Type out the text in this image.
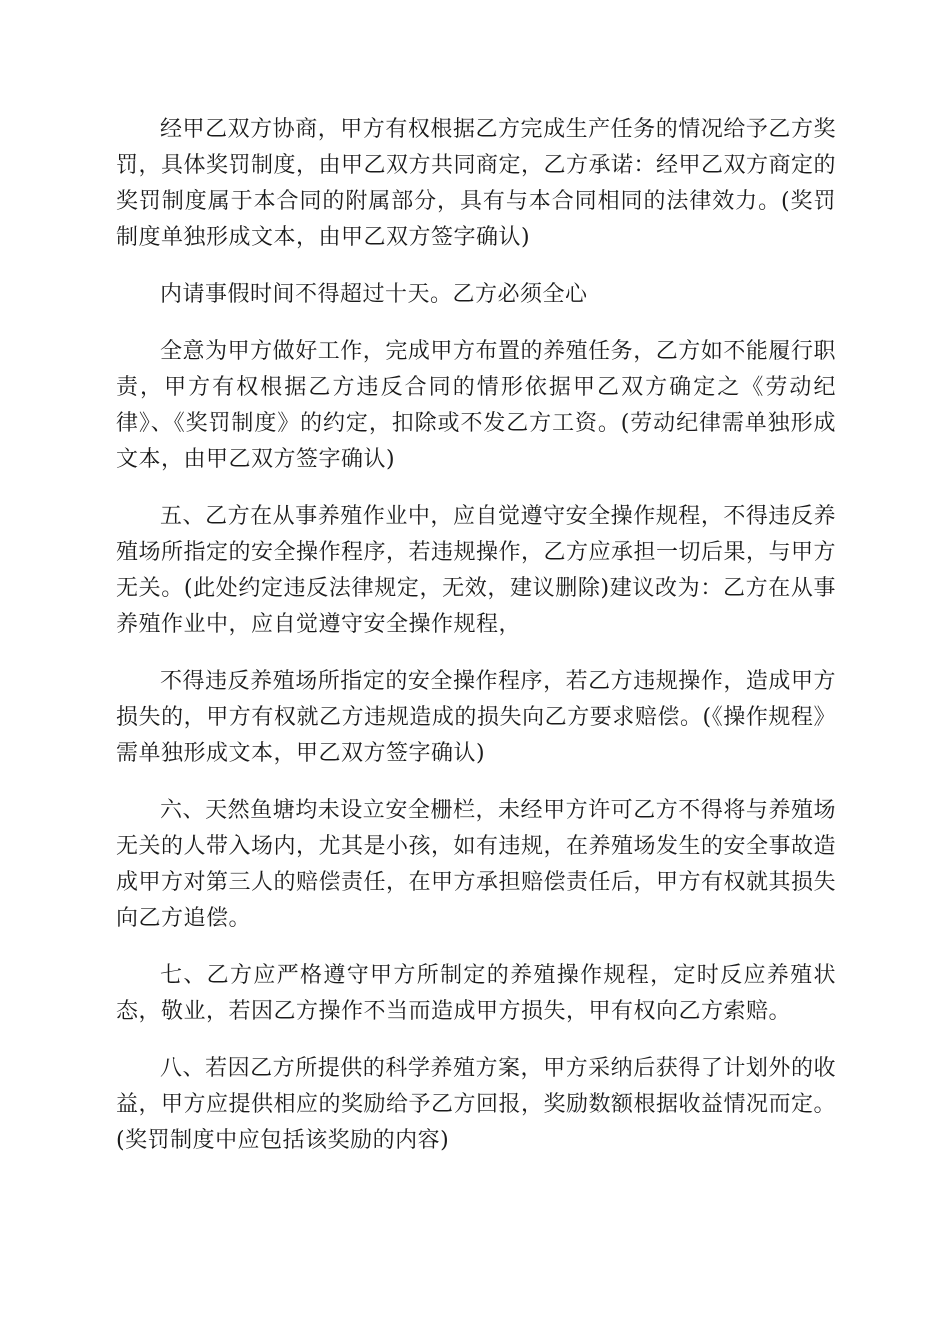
经甲乙双方协商，甲方有权根据乙方完成生产任务的情况给予乙方奖罚，具体奖罚制度，由甲乙双方共同商定，乙方承诺：经甲乙双方商定的奖罚制度属于本合同的附属部分，具有与本合同相同的法律效力。(奖罚制度单独形成文本，由甲乙双方签字确认)

内请事假时间不得超过十天。乙方必须全心

全意为甲方做好工作，完成甲方布置的养殖任务，乙方如不能履行职责，甲方有权根据乙方违反合同的情形依据甲乙双方确定之《劳动纪律》、《奖罚制度》的约定，扣除或不发乙方工资。(劳动纪律需单独形成文本，由甲乙双方签字确认)

五、乙方在从事养殖作业中，应自觉遵守安全操作规程，不得违反养殖场所指定的安全操作程序，若违规操作，乙方应承担一切后果，与甲方无关。(此处约定违反法律规定，无效，建议删除)建议改为：乙方在从事养殖作业中，应自觉遵守安全操作规程，

不得违反养殖场所指定的安全操作程序，若乙方违规操作，造成甲方损失的，甲方有权就乙方违规造成的损失向乙方要求赔偿。(《操作规程》需单独形成文本，甲乙双方签字确认)

六、天然鱼塘均未设立安全栅栏，未经甲方许可乙方不得将与养殖场无关的人带入场内，尤其是小孩，如有违规，在养殖场发生的安全事故造成甲方对第三人的赔偿责任，在甲方承担赔偿责任后，甲方有权就其损失向乙方追偿。

七、乙方应严格遵守甲方所制定的养殖操作规程，定时反应养殖状态，敬业，若因乙方操作不当而造成甲方损失，甲有权向乙方索赔。

八、若因乙方所提供的科学养殖方案，甲方采纳后获得了计划外的收益，甲方应提供相应的奖励给予乙方回报，奖励数额根据收益情况而定。(奖罚制度中应包括该奖励的内容)
